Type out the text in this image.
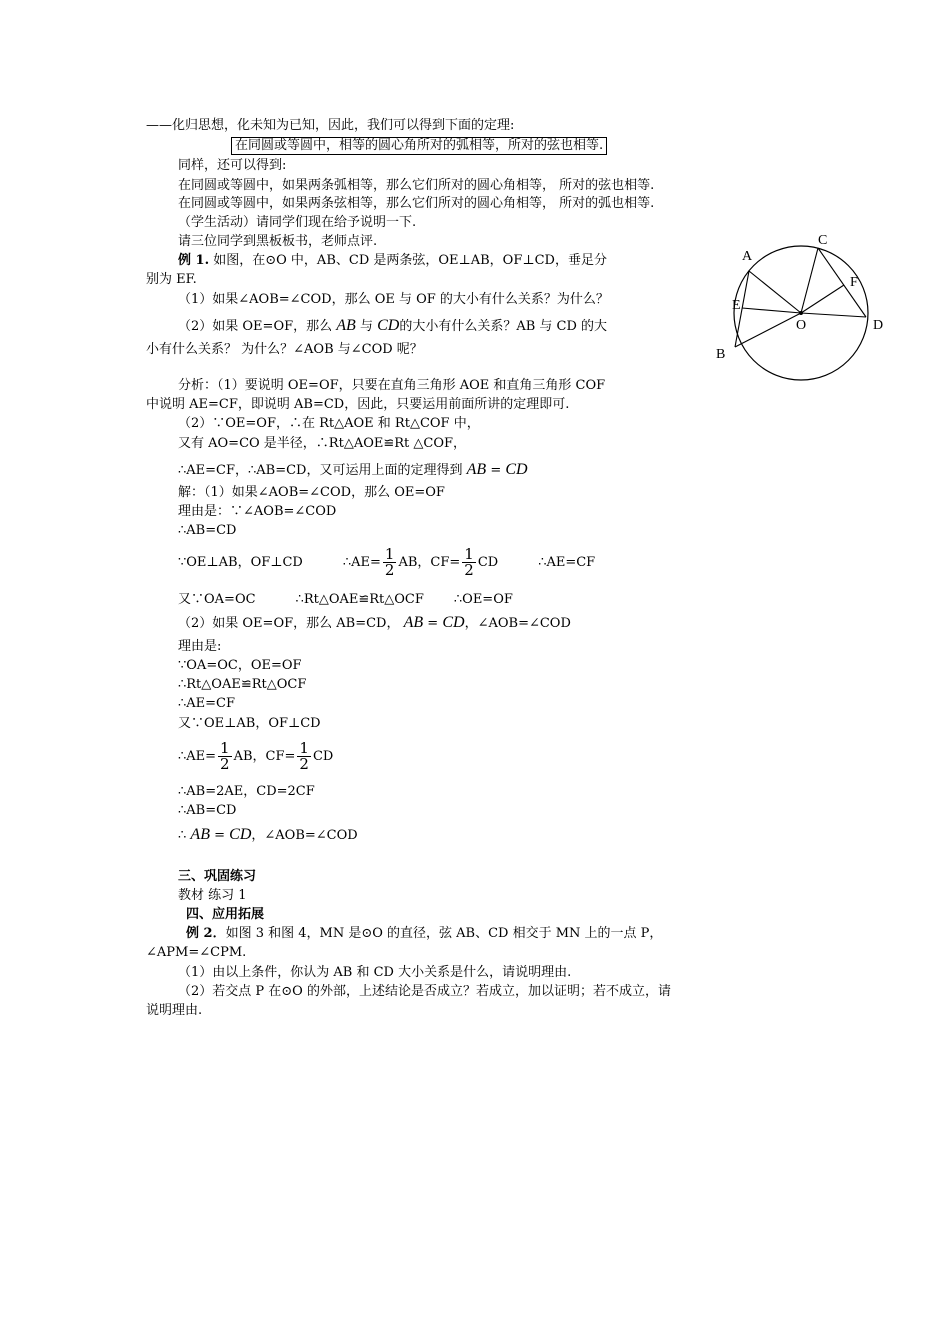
——化归思想，化未知为已知，因此，我们可以得到下面的定理:
在同圆或等圆中，相等的圆心角所对的弧相等，所对的弦也相等.
同样，还可以得到:
在同圆或等圆中，如果两条弧相等，那么它们所对的圆心角相等， 所对的弦也相等.
在同圆或等圆中，如果两条弦相等，那么它们所对的圆心角相等， 所对的弧也相等.
（学生活动）请同学们现在给予说明一下.
请三位同学到黑板板书，老师点评.
例 1. 如图，在⊙O 中，AB、CD 是两条弦，OE⊥AB，OF⊥CD，垂足分
别为 EF.
（1）如果∠AOB=∠COD，那么 OE 与 OF 的大小有什么关系？为什么？
（2）如果 OE=OF，那么 AB 与 CD的大小有什么关系？AB 与 CD 的大
小有什么关系？ 为什么？∠AOB 与∠COD 呢？
A
B
C
D
E
F
O
分析：（1）要说明 OE=OF，只要在直角三角形 AOE 和直角三角形 COF
中说明 AE=CF，即说明 AB=CD，因此，只要运用前面所讲的定理即可.
（2）∵OE=OF，∴在 Rt△AOE 和 Rt△COF 中，
又有 AO=CO 是半径，∴Rt△AOE≌Rt △COF，
∴AE=CF，∴AB=CD，又可运用上面的定理得到 AB = CD
解：（1）如果∠AOB=∠COD，那么 OE=OF
理由是：∵∠AOB=∠COD
∴AB=CD
∵OE⊥AB，OF⊥CD	∴AE= $\frac{1}{2}$ AB，$CF= \frac{1}{2}$ CD	∴AE=CF
又∵OA=OC	∴Rt△OAE≌Rt△OCF ∴OE=OF
（2）如果 OE=OF，那么 AB=CD， AB = CD，∠AOB=∠COD
理由是:
∵OA=OC，OE=OF
∴Rt△OAE≌Rt△OCF
∴AE=CF
又∵OE⊥AB，OF⊥CD
∴AE= $\frac{1}{2}$ AB，$CF= \frac{1}{2}$ CD
∴AB=2AE，CD=2CF
∴AB=CD
∴ AB = CD，∠AOB=∠COD
三、巩固练习
教材 练习 1
四、应用拓展
例 2．如图 3 和图 4，MN 是⊙O 的直径，弦 AB、CD 相交于 MN 上的一点 P，
∠APM=∠CPM.
（1）由以上条件，你认为 AB 和 CD 大小关系是什么，请说明理由.
（2）若交点 P 在⊙O 的外部，上述结论是否成立？若成立，加以证明；若不成立，请
说明理由.
